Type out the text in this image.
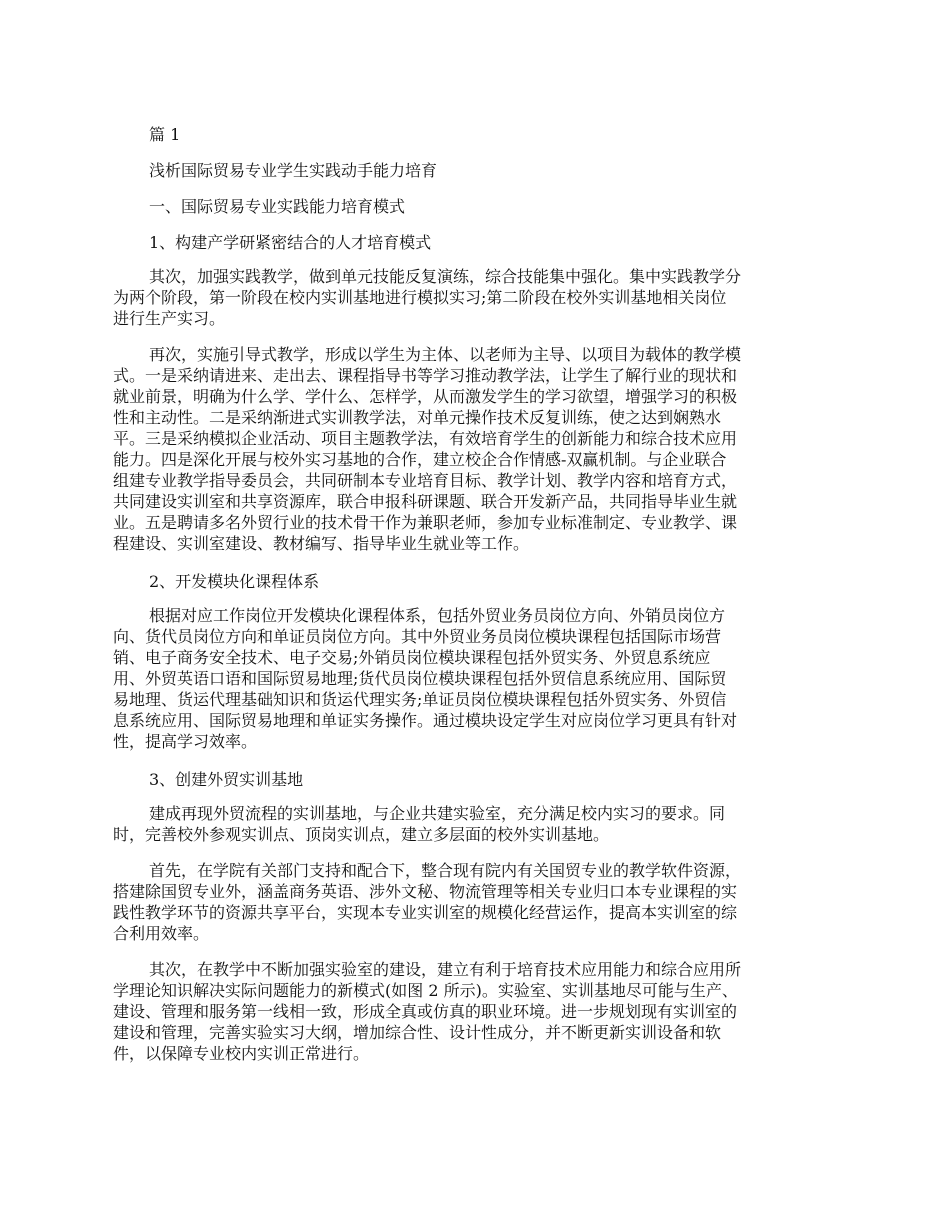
篇 1
浅析国际贸易专业学生实践动手能力培育
一、国际贸易专业实践能力培育模式
1、构建产学研紧密结合的人才培育模式
其次，加强实践教学，做到单元技能反复演练，综合技能集中强化。集中实践教学分
为两个阶段，第一阶段在校内实训基地进行模拟实习;第二阶段在校外实训基地相关岗位
进行生产实习。
再次，实施引导式教学，形成以学生为主体、以老师为主导、以项目为载体的教学模
式。一是采纳请进来、走出去、课程指导书等学习推动教学法，让学生了解行业的现状和
就业前景，明确为什么学、学什么、怎样学，从而激发学生的学习欲望，增强学习的积极
性和主动性。二是采纳渐进式实训教学法，对单元操作技术反复训练，使之达到娴熟水
平。三是采纳模拟企业活动、项目主题教学法，有效培育学生的创新能力和综合技术应用
能力。四是深化开展与校外实习基地的合作，建立校企合作情感-双赢机制。与企业联合
组建专业教学指导委员会，共同研制本专业培育目标、教学计划、教学内容和培育方式，
共同建设实训室和共享资源库，联合申报科研课题、联合开发新产品，共同指导毕业生就
业。五是聘请多名外贸行业的技术骨干作为兼职老师，参加专业标准制定、专业教学、课
程建设、实训室建设、教材编写、指导毕业生就业等工作。
2、开发模块化课程体系
根据对应工作岗位开发模块化课程体系，包括外贸业务员岗位方向、外销员岗位方
向、货代员岗位方向和单证员岗位方向。其中外贸业务员岗位模块课程包括国际市场营
销、电子商务安全技术、电子交易;外销员岗位模块课程包括外贸实务、外贸息系统应
用、外贸英语口语和国际贸易地理;货代员岗位模块课程包括外贸信息系统应用、国际贸
易地理、货运代理基础知识和货运代理实务;单证员岗位模块课程包括外贸实务、外贸信
息系统应用、国际贸易地理和单证实务操作。通过模块设定学生对应岗位学习更具有针对
性，提高学习效率。
3、创建外贸实训基地
建成再现外贸流程的实训基地，与企业共建实验室，充分满足校内实习的要求。同
时，完善校外参观实训点、顶岗实训点，建立多层面的校外实训基地。
首先，在学院有关部门支持和配合下，整合现有院内有关国贸专业的教学软件资源，
搭建除国贸专业外，涵盖商务英语、涉外文秘、物流管理等相关专业归口本专业课程的实
践性教学环节的资源共享平台，实现本专业实训室的规模化经营运作，提高本实训室的综
合利用效率。
其次，在教学中不断加强实验室的建设，建立有利于培育技术应用能力和综合应用所
学理论知识解决实际问题能力的新模式(如图 2 所示)。实验室、实训基地尽可能与生产、
建设、管理和服务第一线相一致，形成全真或仿真的职业环境。进一步规划现有实训室的
建设和管理，完善实验实习大纲，增加综合性、设计性成分，并不断更新实训设备和软
件，以保障专业校内实训正常进行。
